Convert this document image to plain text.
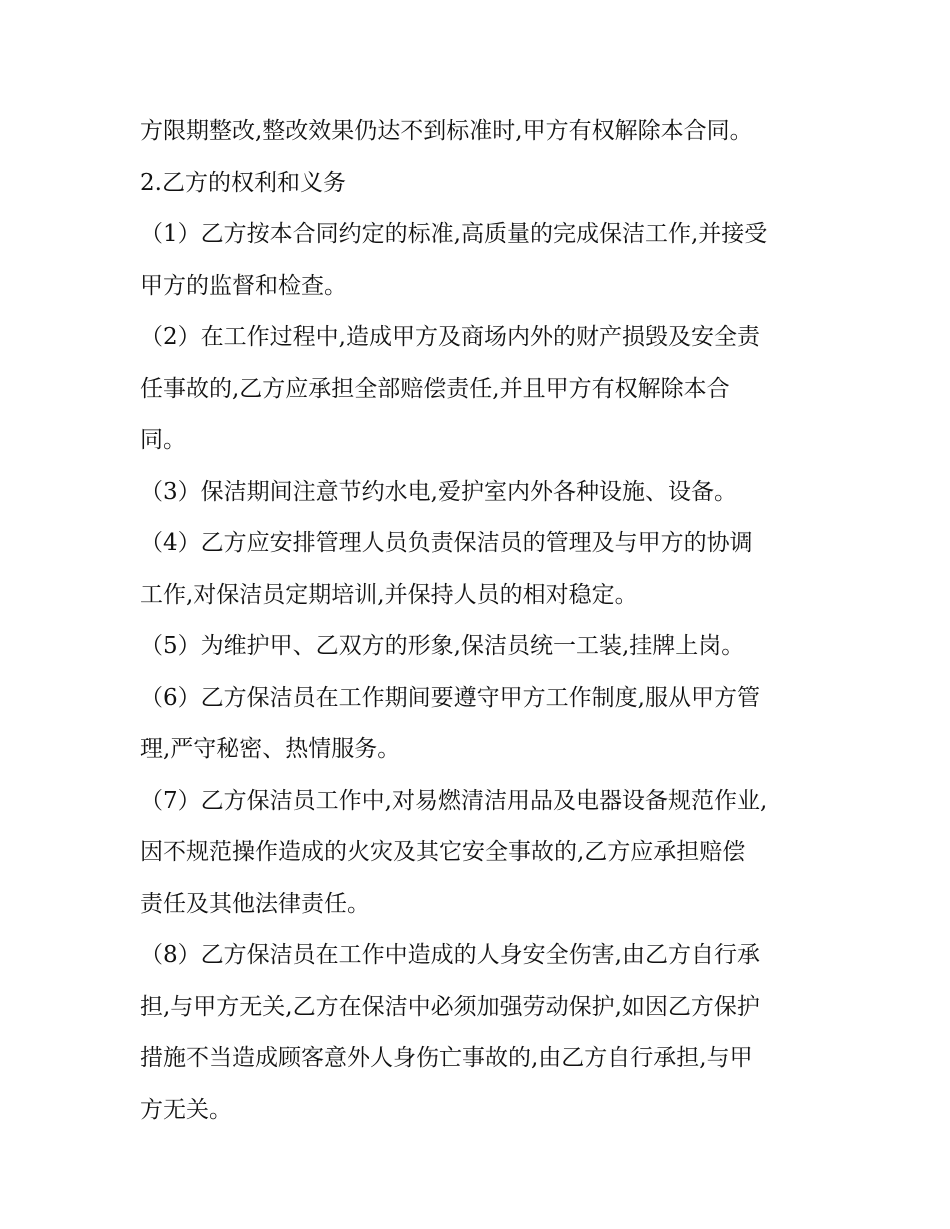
方限期整改,整改效果仍达不到标准时,甲方有权解除本合同。
2.乙方的权利和义务
（1）乙方按本合同约定的标准,高质量的完成保洁工作,并接受
甲方的监督和检查。
（2）在工作过程中,造成甲方及商场内外的财产损毁及安全责
任事故的,乙方应承担全部赔偿责任,并且甲方有权解除本合
同。
（3）保洁期间注意节约水电,爱护室内外各种设施、设备。
（4）乙方应安排管理人员负责保洁员的管理及与甲方的协调
工作,对保洁员定期培训,并保持人员的相对稳定。
（5）为维护甲、乙双方的形象,保洁员统一工装,挂牌上岗。
（6）乙方保洁员在工作期间要遵守甲方工作制度,服从甲方管
理,严守秘密、热情服务。
（7）乙方保洁员工作中,对易燃清洁用品及电器设备规范作业,
因不规范操作造成的火灾及其它安全事故的,乙方应承担赔偿
责任及其他法律责任。
（8）乙方保洁员在工作中造成的人身安全伤害,由乙方自行承
担,与甲方无关,乙方在保洁中必须加强劳动保护,如因乙方保护
措施不当造成顾客意外人身伤亡事故的,由乙方自行承担,与甲
方无关。
